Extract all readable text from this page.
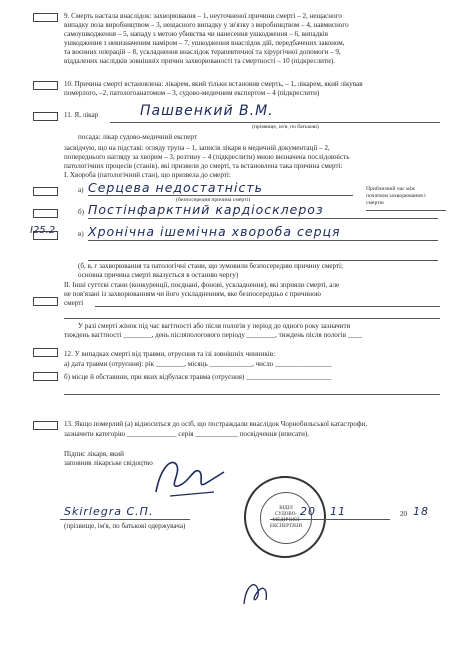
9. Смерть настала внаслідок: захворювання – 1, неуточненої причини смерті – 2, нещасного
випадку поза виробництвом – 3, нещасного випадку у зв'язку з виробництвом – 4, навмисного
самоушкодження – 5, нападу з метою убивства чи нанесення ушкодження – 6, випадків
ушкодження з невизначеним наміром – 7, ушкодження внаслідок дій, передбачених законом,
та воєнних операцій – 8, ускладнення внаслідок терапевтичної та хірургічної допомоги – 9,
віддалених наслідків зовнішніх причин захворюваності та смертності – 10 (підкреслити).
10. Причина смерті встановлена: лікарем, який тільки встановив смерть, – 1, лікарем, який лікував
померлого, –2, патологоанатомом – 3, судово-медичним експертом – 4 (підкреслити)
11. Я, лікар	Пашвенкий В.М.
(прізвище, ім'я, по батькові)
посада: лікар судово-медичний експерт
засвідчую, що на підставі: огляду трупа – 1, записів лікаря в медичній документації – 2,
попереднього нагляду за хворим – 3, розтину – 4 (підкреслити) мною визначена послідовність
патологічних процесів (станів), які призвели до смерті, та встановлена така причина смерті:
I. Хвороба (патологічний стан), що призвела до смерті:
а) Серцева недостатність
(безпосередня причина смерті)
Приблизний час між
початком захворювання і
смертю
б) Постінфарктний кардіосклероз
I25.2	в) Хронічна ішемічна хвороба серця
(б, в, г захворювання та патологічні стани, що зумовили безпосередню причину смерті;
основна причина смерті вказується в останню чергу)
II. Інші суттєві стани (конкуренції, поєднані, фонові, ускладнення), які зприяли смерті, але
не пов'язані із захворюванням чи його ускладненням, яке безпосередньо є причиною
смерті
У разі смерті жінок під час вагітності або після пологів у період до одного року зазначити
тиждень вагітності ________, день післяпологового періоду ________, тиждень після пологів ____
12. У випадках смерті від травми, отруєння та ізі зовнішніх чинників:
а) дата травми (отруєння): рік ________, місяць ____________, число ________________
б) місце й обставини, при яких відбулася травма (отруєння) ________________________
13. Якщо померлий (а) відноситься до осіб, що постраждали внаслідок Чорнобильської катастрофи,
зазначити категорію ______________ серія ____________ посвідчення (вписати).
Підпис лікаря, який
заповнив лікарське свідоцтво
ВІДІЛ СУДОВО-МЕДИЧНОЇ ЕКСПЕРТИЗИ
Skirlegra С.П.	20 11	20 18
(прізвище, ім'я, по батькові одержувача)
